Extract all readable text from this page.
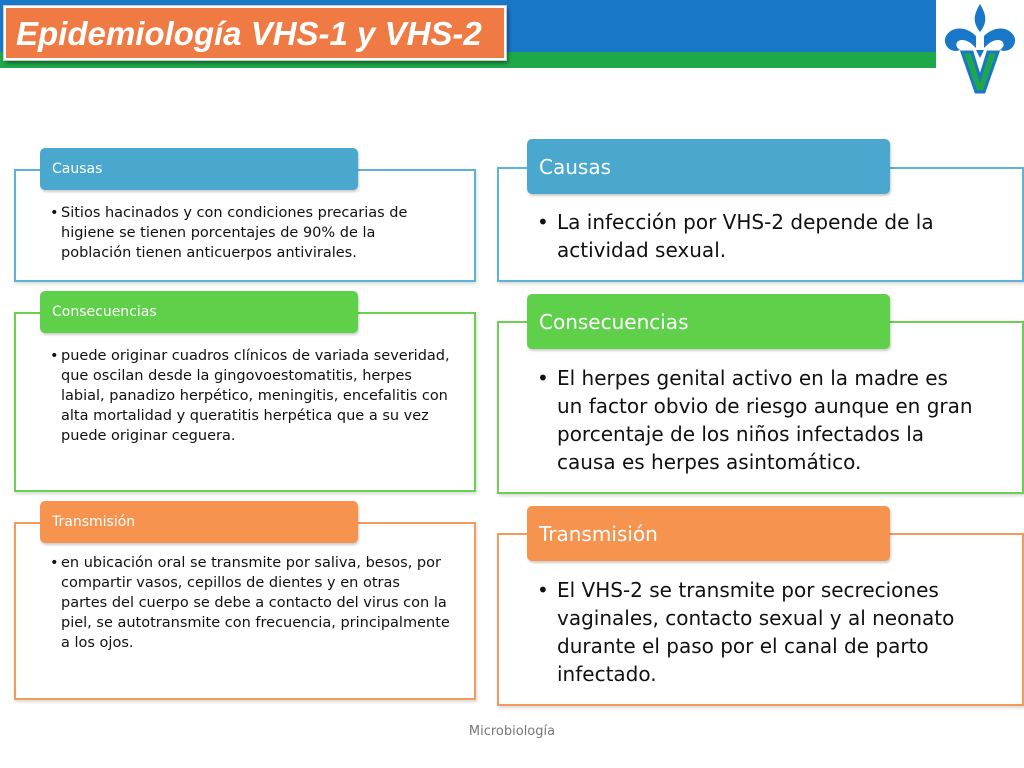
Epidemiología VHS-1 y VHS-2
Causas
• Sitios hacinados y con condiciones precarias de higiene se tienen porcentajes de 90% de la población tienen anticuerpos antivirales.
Consecuencias
• puede originar cuadros clínicos de variada severidad, que oscilan desde la gingovoestomatitis, herpes labial, panadizo herpético, meningitis, encefalitis con alta mortalidad y queratitis herpética que a su vez puede originar ceguera.
Transmisión
• en ubicación oral se transmite por saliva, besos, por compartir vasos, cepillos de dientes y en otras partes del cuerpo se debe a contacto del virus con la piel, se autotransmite con frecuencia, principalmente a los ojos.
Causas
• La infección por VHS-2 depende de la actividad sexual.
Consecuencias
• El herpes genital activo en la madre es un factor obvio de riesgo aunque en gran porcentaje de los niños infectados la causa es herpes asintomático.
Transmisión
• El VHS-2 se transmite por secreciones vaginales, contacto sexual y al neonato durante el paso por el canal de parto infectado.
Microbiología
